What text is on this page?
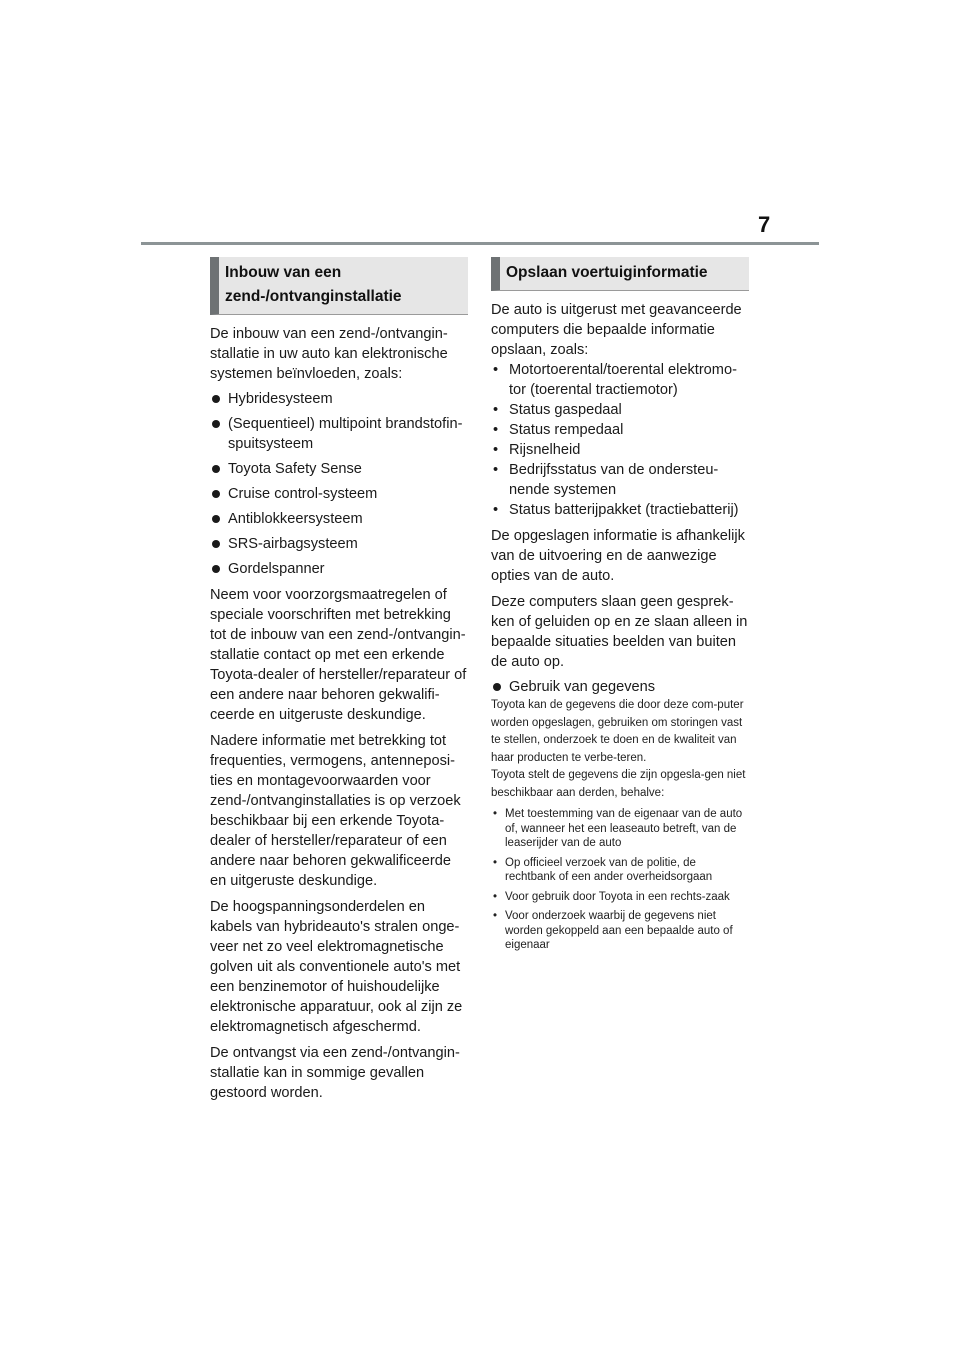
7
Inbouw van een zend-/ontvanginstallatie

De inbouw van een zend-/ontvangin-stallatie in uw auto kan elektronische systemen beïnvloeden, zoals:

Hybridesysteem
(Sequentieel) multipoint brandstofin-spuitsysteem
Toyota Safety Sense
Cruise control-systeem
Antiblokkeersysteem
SRS-airbagsysteem
Gordelspanner

Neem voor voorzorgsmaatregelen of speciale voorschriften met betrekking tot de inbouw van een zend-/ontvangin-stallatie contact op met een erkende Toyota-dealer of hersteller/reparateur of een andere naar behoren gekwalifi-ceerde en uitgeruste deskundige.

Nadere informatie met betrekking tot frequenties, vermogens, antenneposi-ties en montagevoorwaarden voor zend-/ontvanginstallaties is op verzoek beschikbaar bij een erkende Toyota-dealer of hersteller/reparateur of een andere naar behoren gekwalificeerde en uitgeruste deskundige.

De hoogspanningsonderdelen en kabels van hybrideauto's stralen onge-veer net zo veel elektromagnetische golven uit als conventionele auto's met een benzinemotor of huishoudelijke elektronische apparatuur, ook al zijn ze elektromagnetisch afgeschermd.

De ontvangst via een zend-/ontvangin-stallatie kan in sommige gevallen gestoord worden.

Opslaan voertuiginformatie

De auto is uitgerust met geavanceerde computers die bepaalde informatie opslaan, zoals:

• Motortoerental/toerental elektromo-tor (toerental tractiemotor)
• Status gaspedaal
• Status rempedaal
• Rijsnelheid
• Bedrijfsstatus van de ondersteu-nende systemen
• Status batterijpakket (tractiebatterij)

De opgeslagen informatie is afhankelijk van de uitvoering en de aanwezige opties van de auto.

Deze computers slaan geen gesprek-ken of geluiden op en ze slaan alleen in bepaalde situaties beelden van buiten de auto op.

Gebruik van gegevens

Toyota kan de gegevens die door deze com-puter worden opgeslagen, gebruiken om storingen vast te stellen, onderzoek te doen en de kwaliteit van haar producten te verbe-teren.

Toyota stelt de gegevens die zijn opgesla-gen niet beschikbaar aan derden, behalve:

• Met toestemming van de eigenaar van de auto of, wanneer het een leaseauto betreft, van de leaserijder van de auto
• Op officieel verzoek van de politie, de rechtbank of een ander overheidsorgaan
• Voor gebruik door Toyota in een rechts-zaak
• Voor onderzoek waarbij de gegevens niet worden gekoppeld aan een bepaalde auto of eigenaar
